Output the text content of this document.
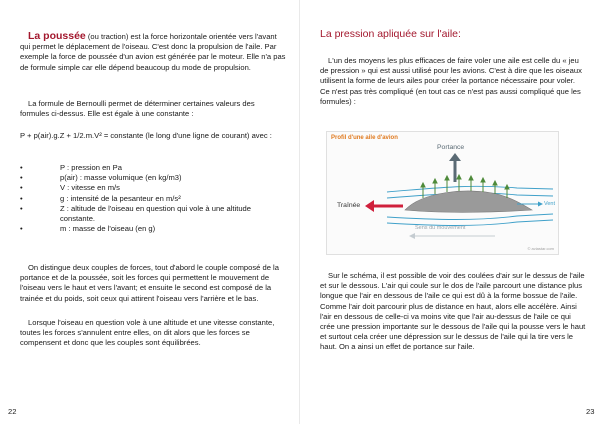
La poussée (ou traction) est la force horizontale orientée vers l'avant qui permet le déplacement de l'oiseau. C'est donc la propulsion de l'aile. Par exemple la force de poussée d'un avion est générée par le moteur. Elle n'a pas de formule simple car elle dépend beaucoup du mode de propulsion.

La formule de Bernoulli permet de déterminer certaines valeurs des formules ci-dessus. Elle est égale à une constante :

P + p(air).g.Z + 1/2.m.V² = constante (le long d'une ligne de courant) avec :

• P : pression en Pa
• p(air) : masse volumique (en kg/m3)
• V : vitesse en m/s
• g : intensité de la pesanteur en m/s²
• Z : altitude de l'oiseau en question qui vole à une altitude constante.
• m : masse de l'oiseau (en g)

On distingue deux couples de forces, tout d'abord le couple composé de la portance et de la poussée, soit les forces qui permettent le mouvement de l'oiseau vers le haut et vers l'avant; et ensuite le second est composé de la trainée et du poids, soit ceux qui attirent l'oiseau vers l'arrière et le bas.

Lorsque l'oiseau en question vole à une altitude et une vitesse constante, toutes les forces s'annulent entre elles, on dit alors que les forces se compensent et donc que les couples sont équilibrées.

22
La pression apliquée sur l'aile:

L'un des moyens les plus efficaces de faire voler une aile est celle du « jeu de pression » qui est aussi utilisé pour les avions. C'est à dire que les oiseaux utilisent la forme de leurs ailes pour créer la portance nécessaire pour voler. Ce n'est pas très compliqué (en tout cas ce n'est pas aussi compliqué que les formules) :

Sur le schéma, il est possible de voir des coulées d'air sur le dessus de l'aile et sur le dessous. L'air qui coule sur le dos de l'aile parcourt une distance plus longue que l'air en dessous de l'aile ce qui est dû à la forme bossue de l'aile. Comme l'air doit parcourir plus de distance en haut, alors elle accélère. Ainsi l'air en dessous de celle-ci va moins vite que l'air au-dessus de l'aile ce qui crée une pression importante sur le dessous de l'aile qui la pousse vers le haut et surtout cela créer une dépression sur le dessus de l'aile qui la tire vers le haut. On a ainsi un effet de portance sur l'aile.

23
Profil d'une aile d'avion
Portance
Traînée	Vent
Sens du mouvement
© aviastar.com
